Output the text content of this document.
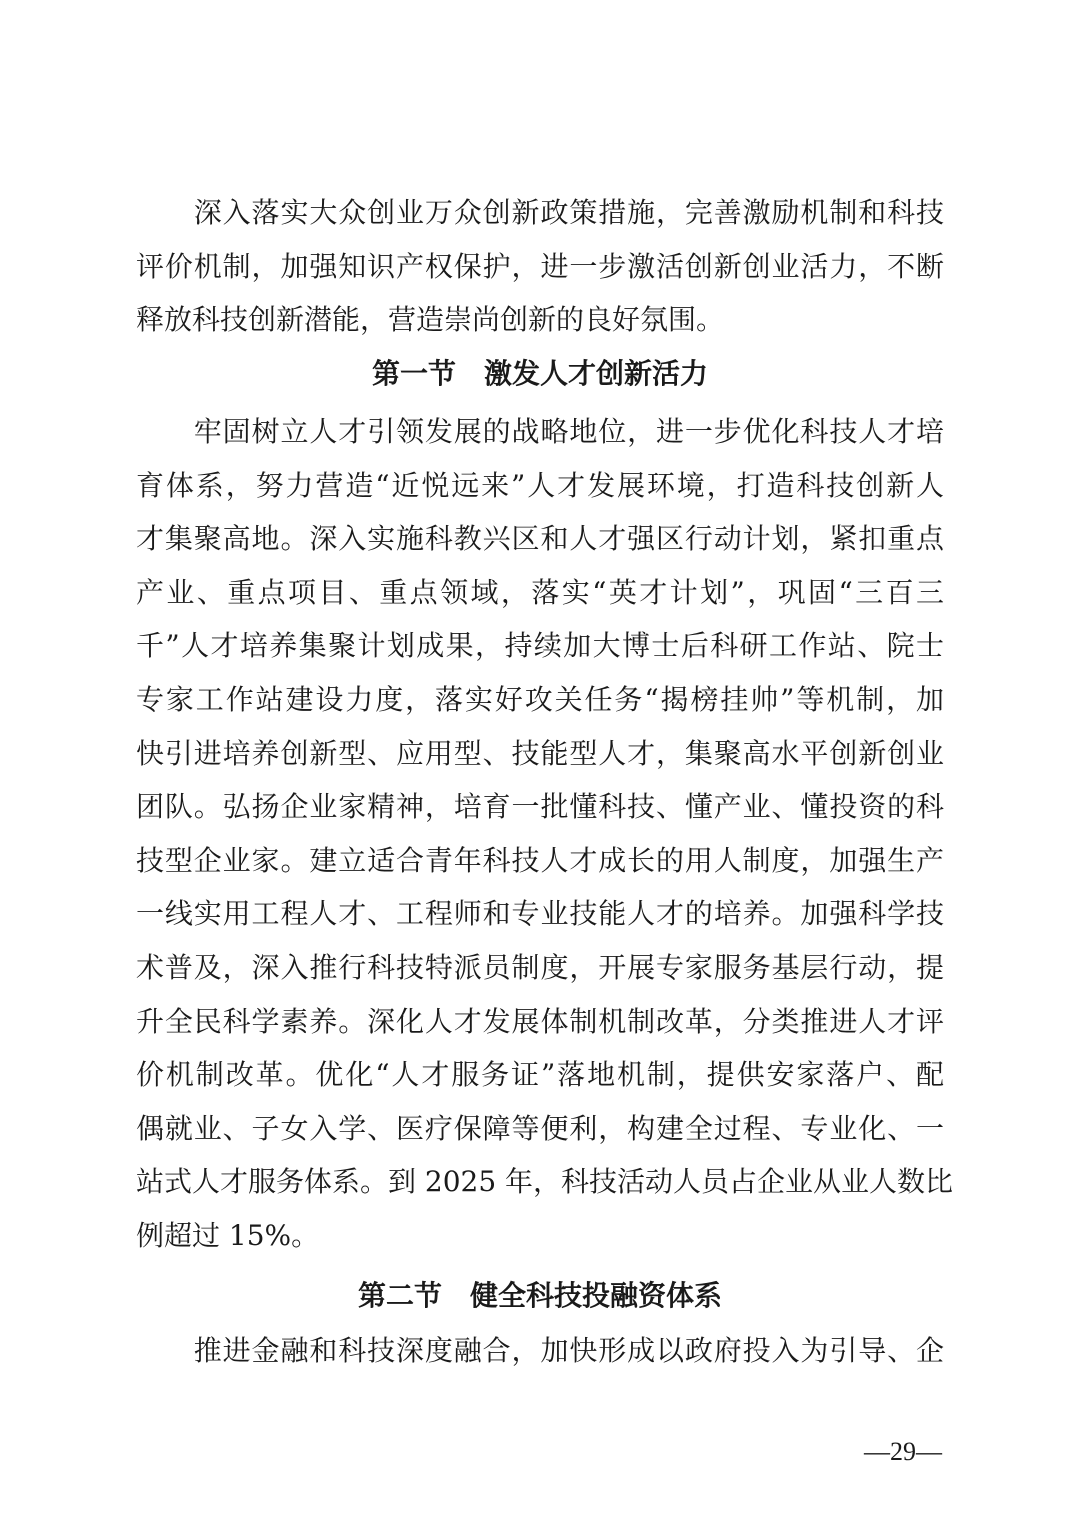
　　深入落实大众创业万众创新政策措施，完善激励机制和科技
评价机制，加强知识产权保护，进一步激活创新创业活力，不断
释放科技创新潜能，营造崇尚创新的良好氛围。
第一节　激发人才创新活力
　　牢固树立人才引领发展的战略地位，进一步优化科技人才培
育体系，努力营造“近悦远来”人才发展环境，打造科技创新人
才集聚高地。深入实施科教兴区和人才强区行动计划，紧扣重点
产业、重点项目、重点领域，落实“英才计划”，巩固“三百三
千”人才培养集聚计划成果，持续加大博士后科研工作站、院士
专家工作站建设力度，落实好攻关任务“揭榜挂帅”等机制，加
快引进培养创新型、应用型、技能型人才，集聚高水平创新创业
团队。弘扬企业家精神，培育一批懂科技、懂产业、懂投资的科
技型企业家。建立适合青年科技人才成长的用人制度，加强生产
一线实用工程人才、工程师和专业技能人才的培养。加强科学技
术普及，深入推行科技特派员制度，开展专家服务基层行动，提
升全民科学素养。深化人才发展体制机制改革，分类推进人才评
价机制改革。优化“人才服务证”落地机制，提供安家落户、配
偶就业、子女入学、医疗保障等便利，构建全过程、专业化、一
站式人才服务体系。到 2025 年，科技活动人员占企业从业人数比
例超过 15%。
第二节　健全科技投融资体系
　　推进金融和科技深度融合，加快形成以政府投入为引导、企
—29—
